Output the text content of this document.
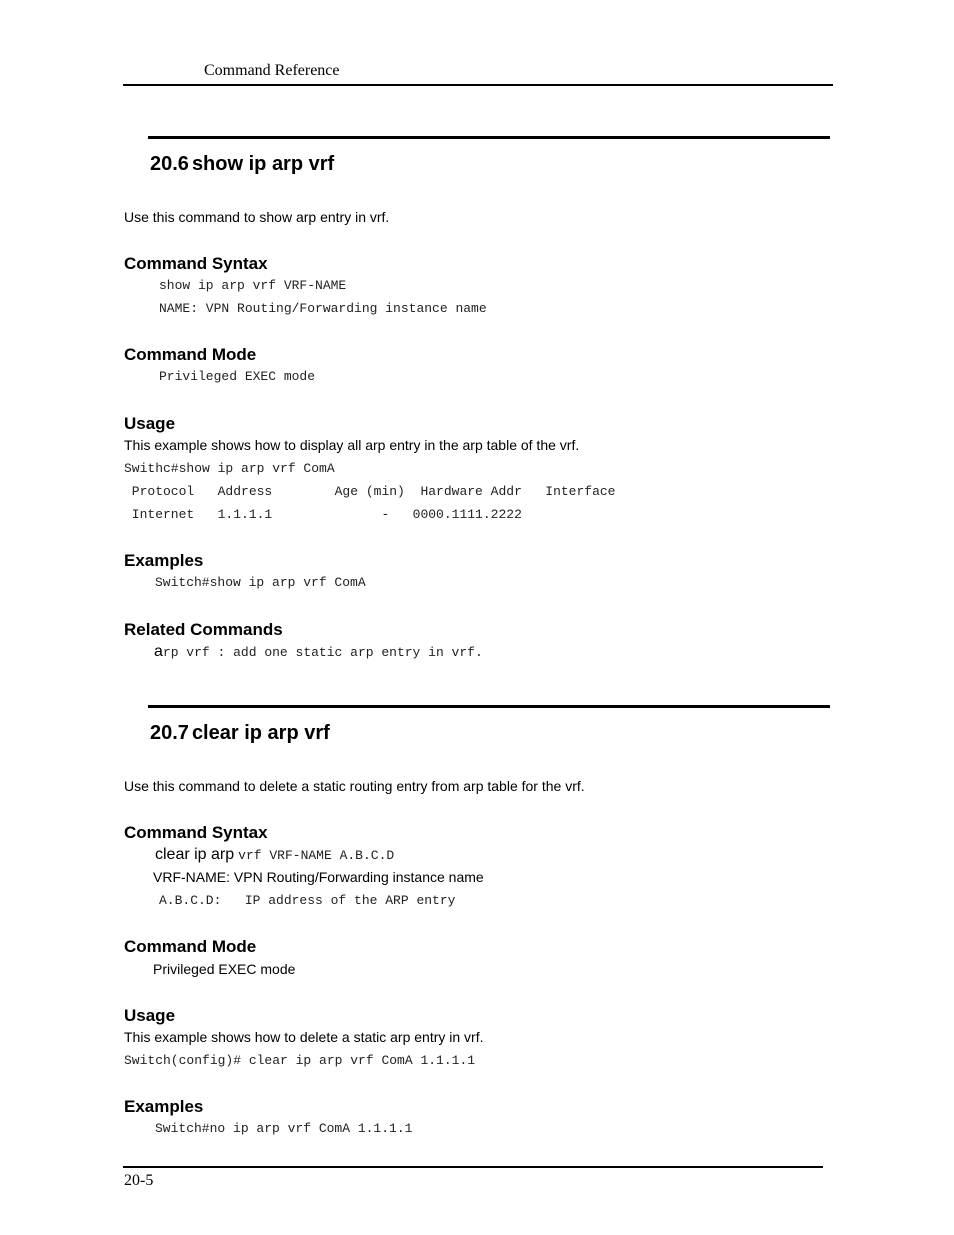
Command Reference
20.6 show ip arp vrf
Use this command to show arp entry in vrf.
Command Syntax
show ip arp vrf VRF-NAME
NAME: VPN Routing/Forwarding instance name
Command Mode
Privileged EXEC mode
Usage
This example shows how to display all arp entry in the arp table of the vrf.
Swithc#show ip arp vrf ComA
Protocol   Address        Age (min)  Hardware Addr   Interface
Internet   1.1.1.1              -   0000.1111.2222
Examples
Switch#show ip arp vrf ComA
Related Commands
arp vrf : add one static arp entry in vrf.
20.7 clear ip arp vrf
Use this command to delete a static routing entry from arp table for the vrf.
Command Syntax
clear ip arp vrf VRF-NAME A.B.C.D
VRF-NAME: VPN Routing/Forwarding instance name
A.B.C.D:   IP address of the ARP entry
Command Mode
Privileged EXEC mode
Usage
This example shows how to delete a static arp entry in vrf.
Switch(config)# clear ip arp vrf ComA 1.1.1.1
Examples
Switch#no ip arp vrf ComA 1.1.1.1
20-5
